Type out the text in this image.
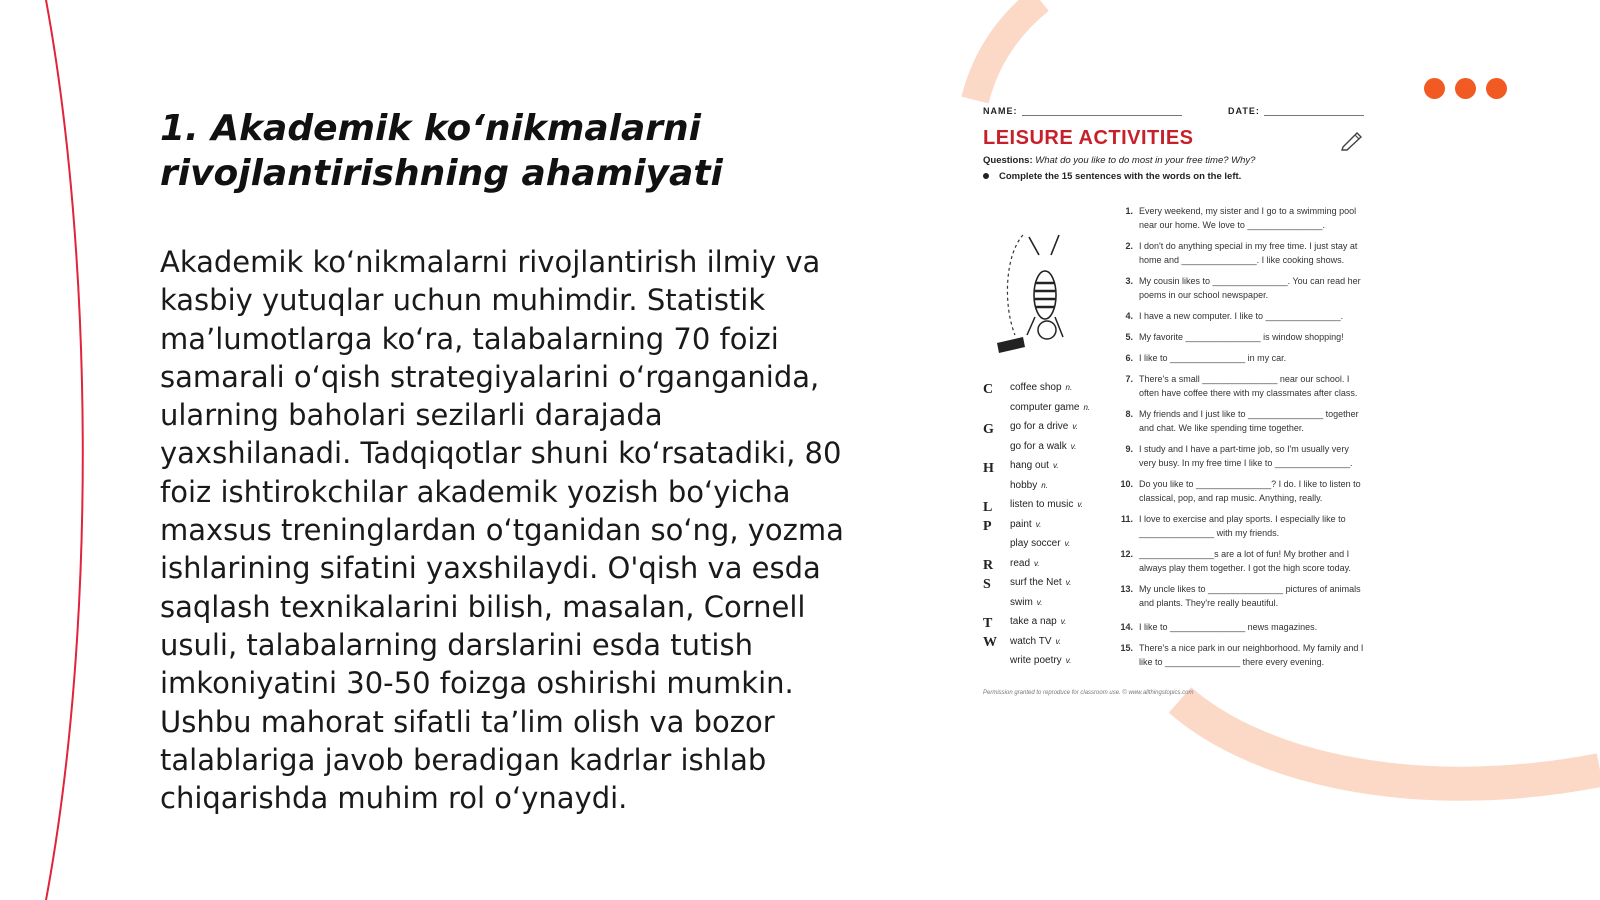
1. Akademik ko‘nikmalarni rivojlantirishning ahamiyati

Akademik ko‘nikmalarni rivojlantirish ilmiy va kasbiy yutuqlar uchun muhimdir. Statistik ma’lumotlarga ko‘ra, talabalarning 70 foizi samarali o‘qish strategiyalarini o‘rganganida, ularning baholari sezilarli darajada yaxshilanadi. Tadqiqotlar shuni ko‘rsatadiki, 80 foiz ishtirokchilar akademik yozish bo‘yicha maxsus treninglardan o‘tganidan so‘ng, yozma ishlarining sifatini yaxshilaydi. O'qish va esda saqlash texnikalarini bilish, masalan, Cornell usuli, talabalarning darslarini esda tutish imkoniyatini 30-50 foizga oshirishi mumkin. Ushbu mahorat sifatli ta’lim olish va bozor talablariga javob beradigan kadrlar ishlab chiqarishda muhim rol o‘ynaydi.

NAME:	DATE:
LEISURE ACTIVITIES
Questions: What do you like to do most in your free time? Why?
Complete the 15 sentences with the words on the left.
C
G
H
L
P
R
S
T
W
coffee shop n.
computer game n.
go for a drive v.
go for a walk v.
hang out v.
hobby n.
listen to music v.
paint v.
play soccer v.
read v.
surf the Net v.
swim v.
take a nap v.
watch TV v.
write poetry v.
1. Every weekend, my sister and I go to a swimming pool near our home. We love to _______________.
2. I don't do anything special in my free time. I just stay at home and _______________. I like cooking shows.
3. My cousin likes to _______________. You can read her poems in our school newspaper.
4. I have a new computer. I like to _______________.
5. My favorite _______________ is window shopping!
6. I like to _______________ in my car.
7. There's a small _______________ near our school. I often have coffee there with my classmates after class.
8. My friends and I just like to _______________ together and chat. We like spending time together.
9. I study and I have a part-time job, so I'm usually very very busy. In my free time I like to _______________.
10. Do you like to _______________? I do. I like to listen to classical, pop, and rap music. Anything, really.
11. I love to exercise and play sports. I especially like to _______________ with my friends.
12. _______________s are a lot of fun! My brother and I always play them together. I got the high score today.
13. My uncle likes to _______________ pictures of animals and plants. They're really beautiful.
14. I like to _______________ news magazines.
15. There's a nice park in our neighborhood. My family and I like to _______________ there every evening.
Permission granted to reproduce for classroom use. © www.allthingstopics.com
